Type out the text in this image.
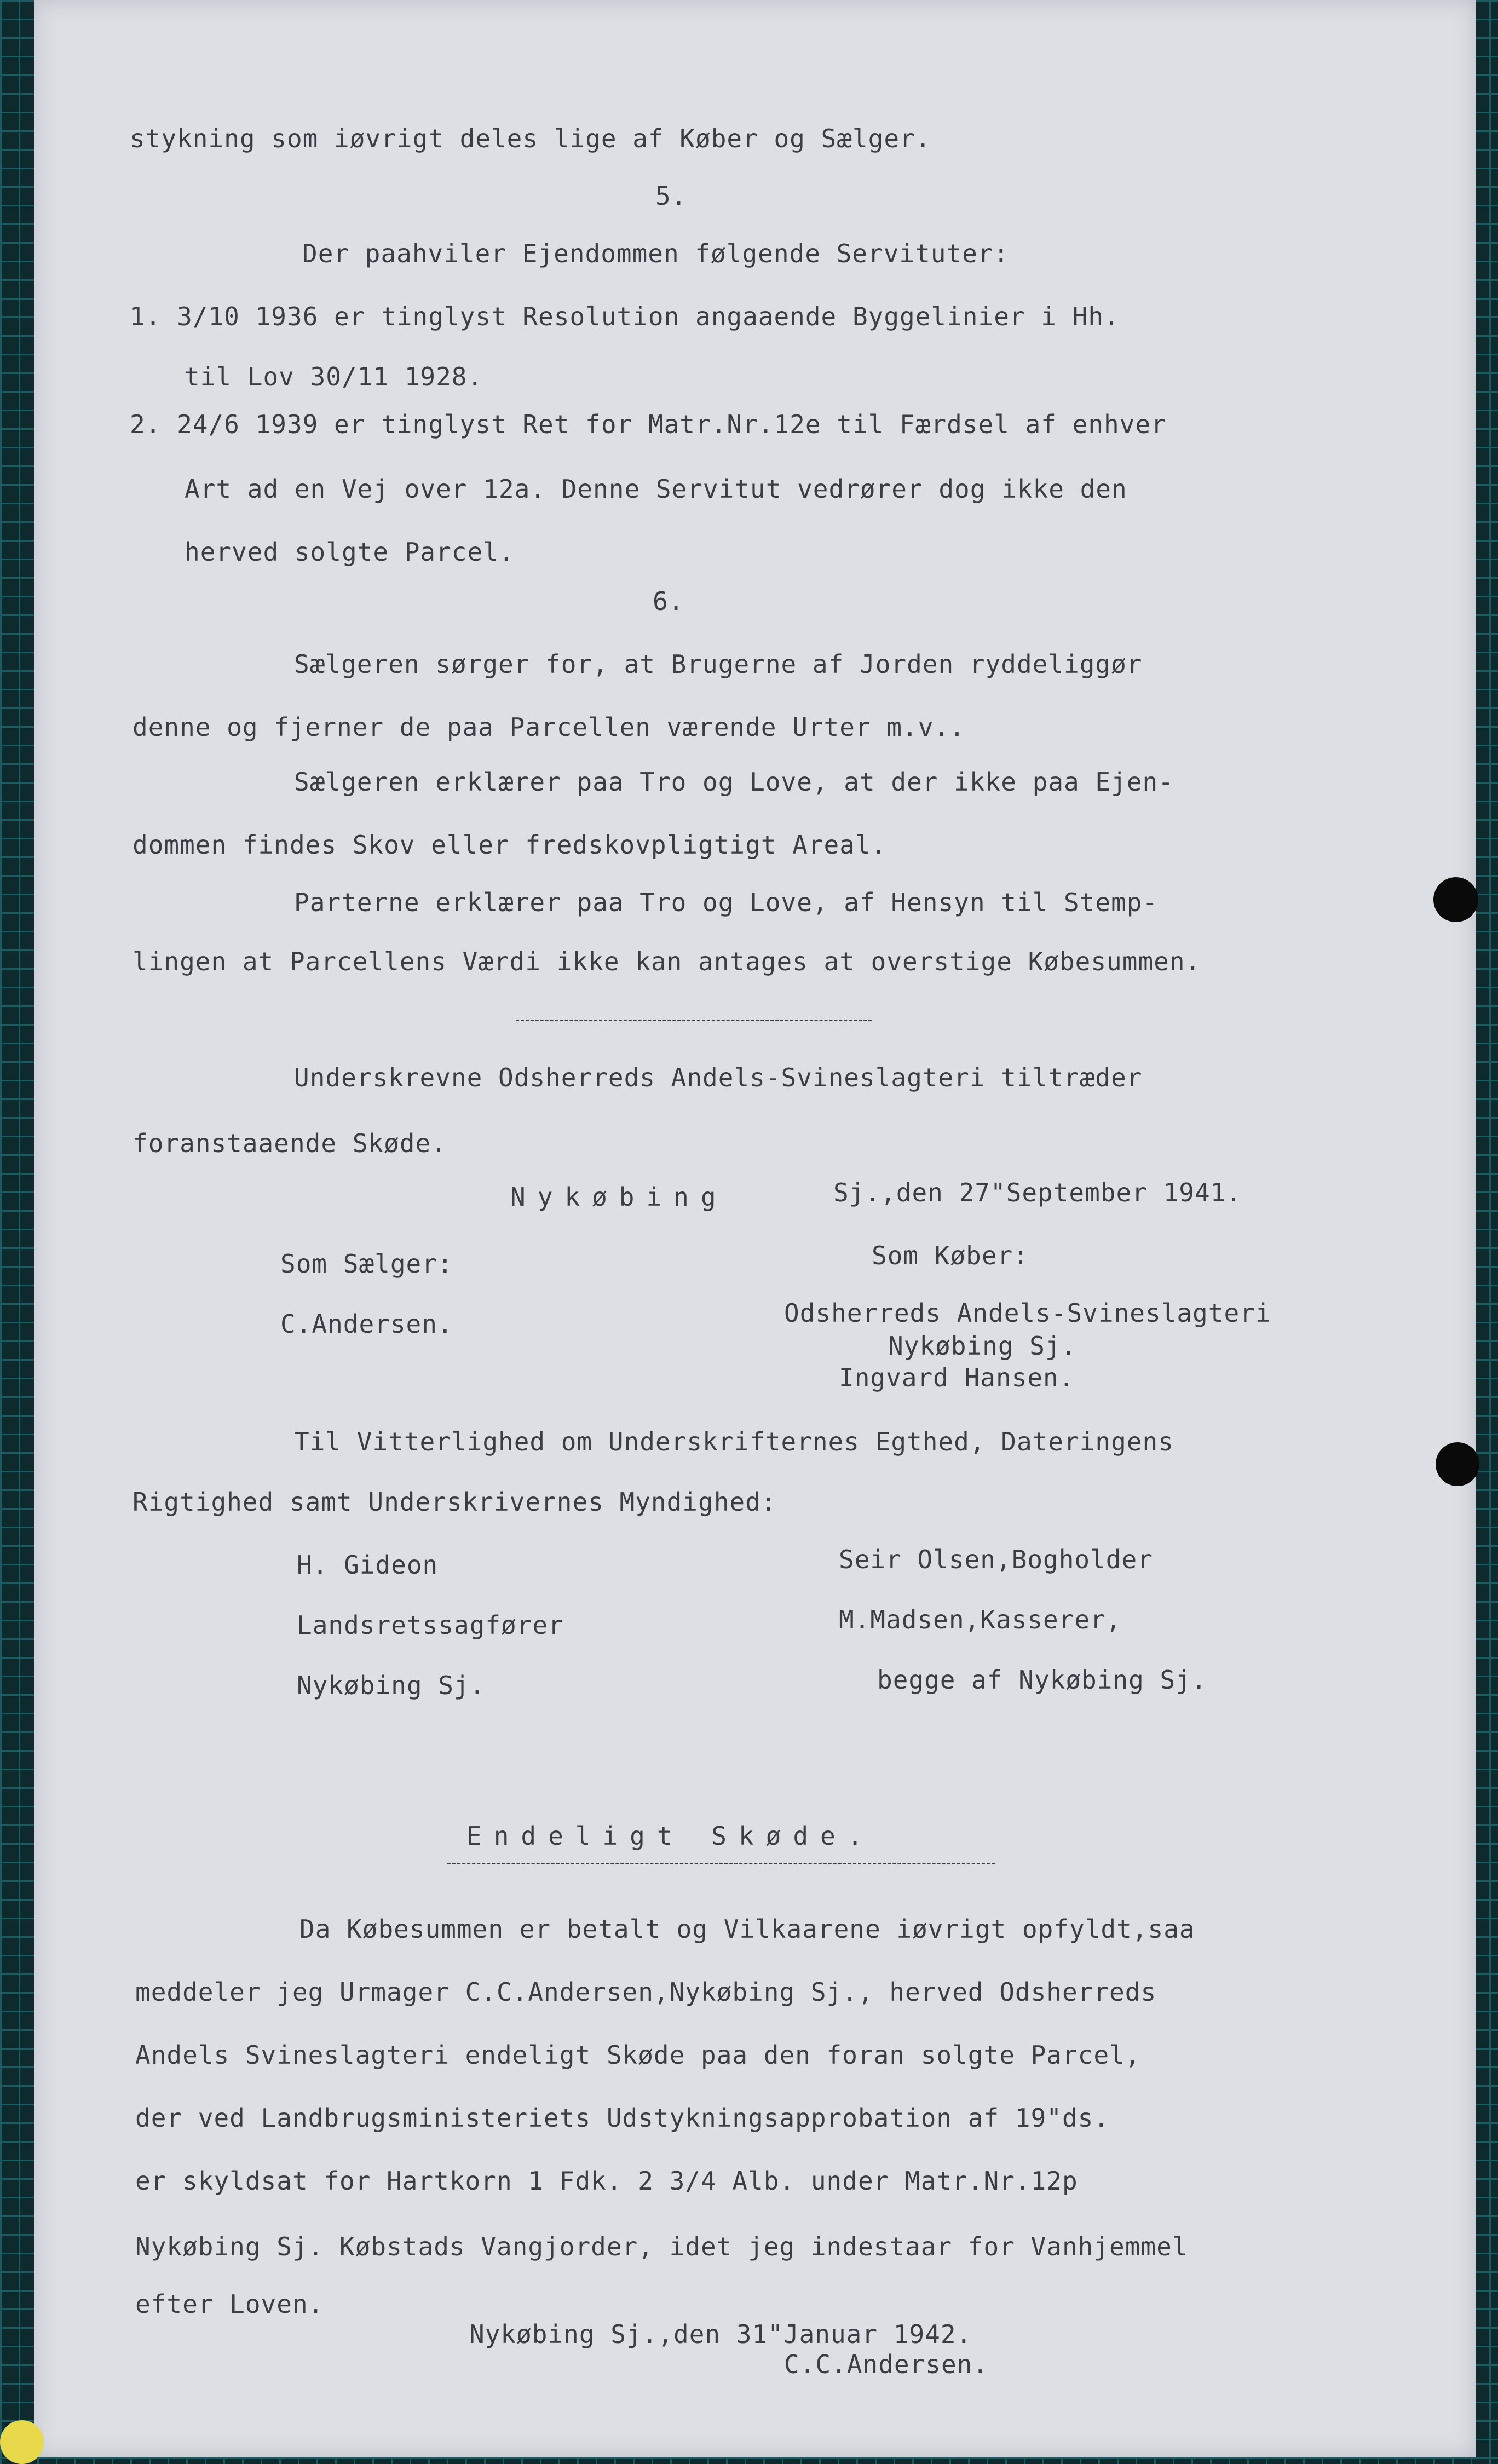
stykning som iøvrigt deles lige af Køber og Sælger.

5.

Der paahviler Ejendommen følgende Servituter:

1. 3/10 1936 er tinglyst Resolution angaaende Byggelinier i Hh.

til Lov 30/11 1928.

2. 24/6 1939 er tinglyst Ret for Matr.Nr.12e til Færdsel af enhver

Art ad en Vej over 12a. Denne Servitut vedrører dog ikke den

herved solgte Parcel.

6.

Sælgeren sørger for, at Brugerne af Jorden ryddeliggør

denne og fjerner de paa Parcellen værende Urter m.v..

Sælgeren erklærer paa Tro og Love, at der ikke paa Ejen-

dommen findes Skov eller fredskovpligtigt Areal.

Parterne erklærer paa Tro og Love, af Hensyn til Stemp-

lingen at Parcellens Værdi ikke kan antages at overstige Købesummen.

Underskrevne Odsherreds Andels-Svineslagteri tiltræder

foranstaaende Skøde.

Nykøbing	Sj.,den 27"September 1941.

Som Sælger:	Som Køber:

C.Andersen.	Odsherreds Andels-Svineslagteri

Nykøbing Sj.

Ingvard Hansen.

Til Vitterlighed om Underskrifternes Egthed, Dateringens

Rigtighed samt Underskrivernes Myndighed:

H. Gideon	Seir Olsen,Bogholder

Landsretssagfører	M.Madsen,Kasserer,

Nykøbing Sj.	begge af Nykøbing Sj.

Endeligt Skøde.

Da Købesummen er betalt og Vilkaarene iøvrigt opfyldt,saa

meddeler jeg Urmager C.C.Andersen,Nykøbing Sj., herved Odsherreds

Andels Svineslagteri endeligt Skøde paa den foran solgte Parcel,

der ved Landbrugsministeriets Udstykningsapprobation af 19"ds.

er skyldsat for Hartkorn 1 Fdk. 2 3/4 Alb. under Matr.Nr.12p

Nykøbing Sj. Købstads Vangjorder, idet jeg indestaar for Vanhjemmel

efter Loven.

Nykøbing Sj.,den 31"Januar 1942.

C.C.Andersen.
